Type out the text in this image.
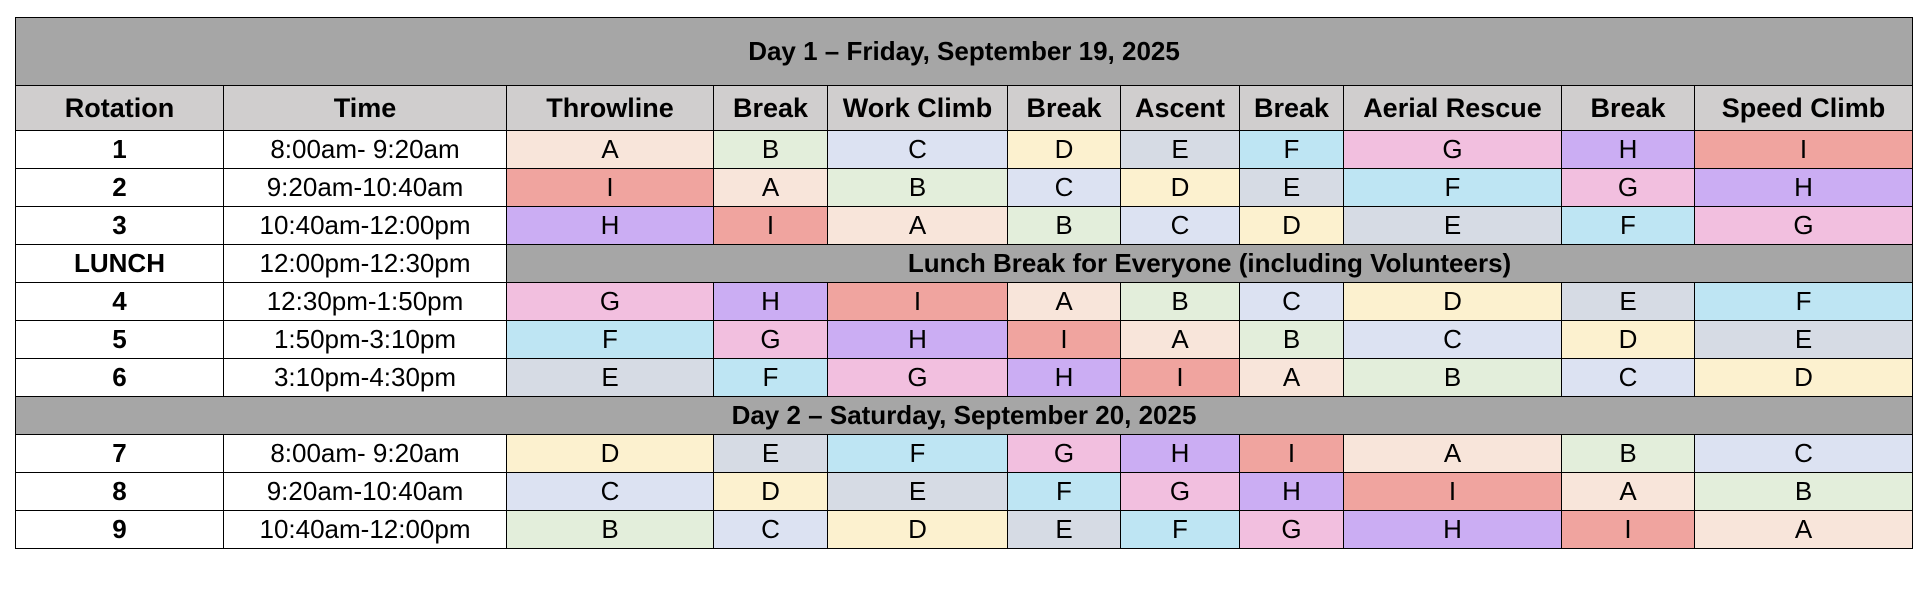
Day 1 – Friday, September 19, 2025										
Rotation	Time	Throwline	Break	Work Climb	Break	Ascent	Break	Aerial Rescue	Break	Speed Climb
1	8:00am- 9:20am	A	B	C	D	E	F	G	H	I
2	9:20am-10:40am	I	A	B	C	D	E	F	G	H
3	10:40am-12:00pm	H	I	A	B	C	D	E	F	G
LUNCH	12:00pm-12:30pm	Lunch Break for Everyone (including Volunteers)								
4	12:30pm-1:50pm	G	H	I	A	B	C	D	E	F
5	1:50pm-3:10pm	F	G	H	I	A	B	C	D	E
6	3:10pm-4:30pm	E	F	G	H	I	A	B	C	D
Day 2 – Saturday, September 20, 2025										
7	8:00am- 9:20am	D	E	F	G	H	I	A	B	C
8	9:20am-10:40am	C	D	E	F	G	H	I	A	B
9	10:40am-12:00pm	B	C	D	E	F	G	H	I	A
